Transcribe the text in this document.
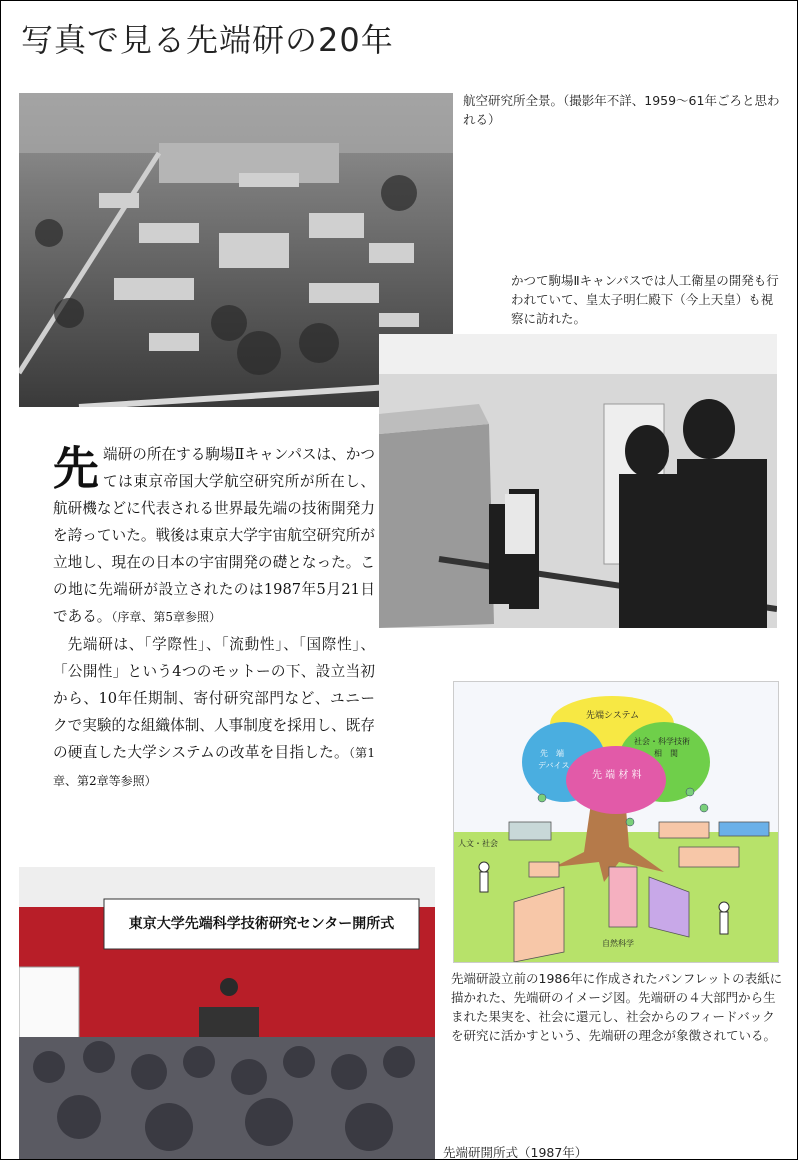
写真で見る先端研の20年
航空研究所全景。（撮影年不詳、1959〜61年ごろと思われる）
かつて駒場Ⅱキャンパスでは人工衛星の開発も行われていて、皇太子明仁殿下（今上天皇）も視察に訪れた。

先端研の所在する駒場Ⅱキャンパスは、かつては東京帝国大学航空研究所が所在し、航研機などに代表される世界最先端の技術開発力を誇っていた。戦後は東京大学宇宙航空研究所が立地し、現在の日本の宇宙開発の礎となった。この地に先端研が設立されたのは1987年5月21日である。（序章、第5章参照）

先端研は、「学際性」、「流動性」、「国際性」、「公開性」という4つのモットーの下、設立当初から、10年任期制、寄付研究部門など、ユニークで実験的な組織体制、人事制度を採用し、既存の硬直した大学システムの改革を目指した。（第1章、第2章等参照）

先端システム
先　端
デバイス
社会・科学技術
相　関
先 端 材 料
人文・社会
自然科学
先端研設立前の1986年に作成されたパンフレットの表紙に描かれた、先端研のイメージ図。先端研の４大部門から生まれた果実を、社会に還元し、社会からのフィードバックを研究に活かすという、先端研の理念が象徴されている。
東京大学先端科学技術研究センター開所式
先端研開所式（1987年）
